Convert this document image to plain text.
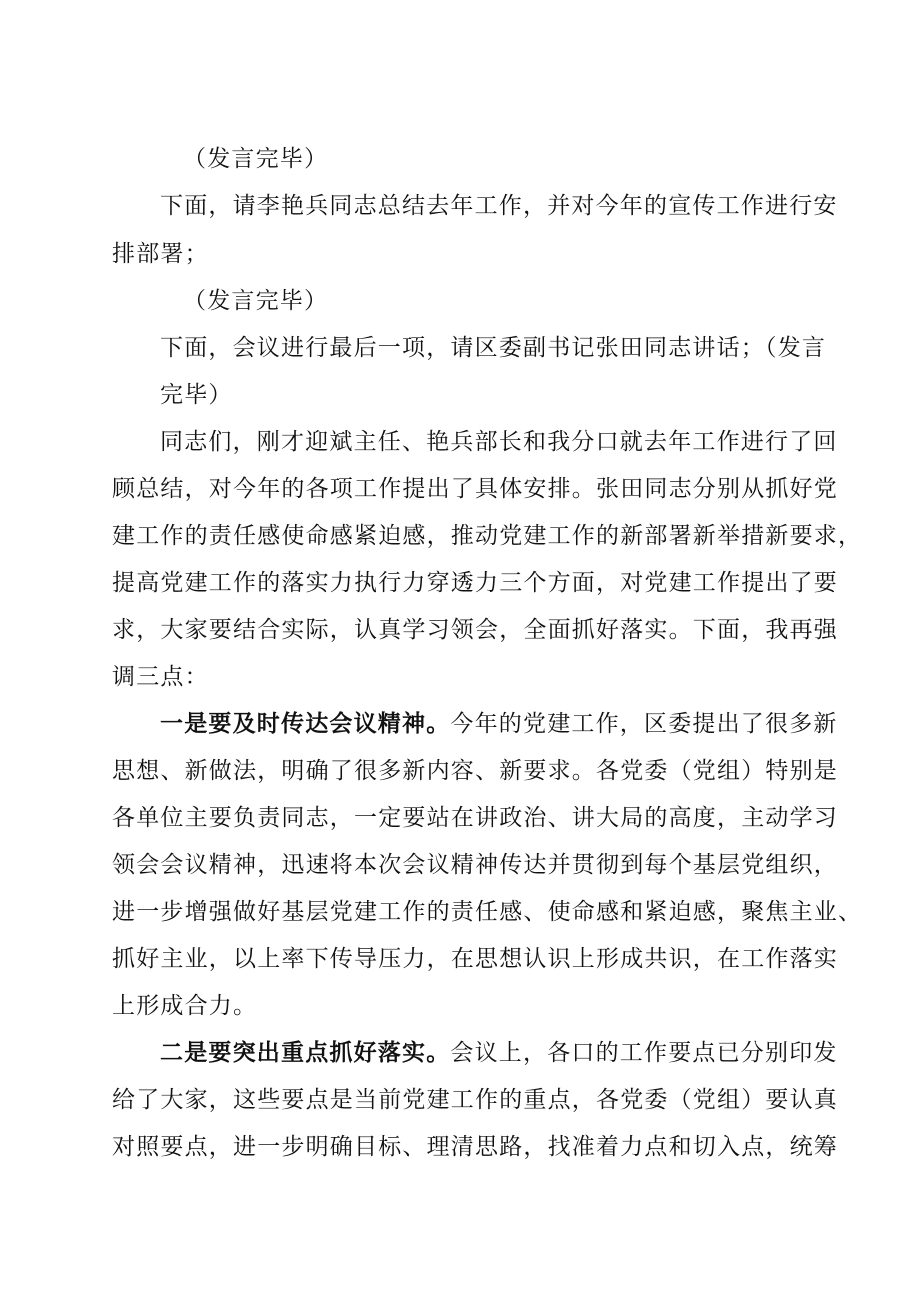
（发言完毕）
下面，请李艳兵同志总结去年工作，并对今年的宣传工作进行安
排部署；
（发言完毕）
下面，会议进行最后一项，请区委副书记张田同志讲话；（发言
完毕）
同志们，刚才迎斌主任、艳兵部长和我分口就去年工作进行了回
顾总结，对今年的各项工作提出了具体安排。张田同志分别从抓好党
建工作的责任感使命感紧迫感，推动党建工作的新部署新举措新要求，
提高党建工作的落实力执行力穿透力三个方面，对党建工作提出了要
求，大家要结合实际，认真学习领会，全面抓好落实。下面，我再强
调三点：
一是要及时传达会议精神。今年的党建工作，区委提出了很多新
思想、新做法，明确了很多新内容、新要求。各党委（党组）特别是
各单位主要负责同志，一定要站在讲政治、讲大局的高度，主动学习
领会会议精神，迅速将本次会议精神传达并贯彻到每个基层党组织，
进一步增强做好基层党建工作的责任感、使命感和紧迫感，聚焦主业、
抓好主业，以上率下传导压力，在思想认识上形成共识，在工作落实
上形成合力。
二是要突出重点抓好落实。会议上，各口的工作要点已分别印发
给了大家，这些要点是当前党建工作的重点，各党委（党组）要认真
对照要点，进一步明确目标、理清思路，找准着力点和切入点，统筹
